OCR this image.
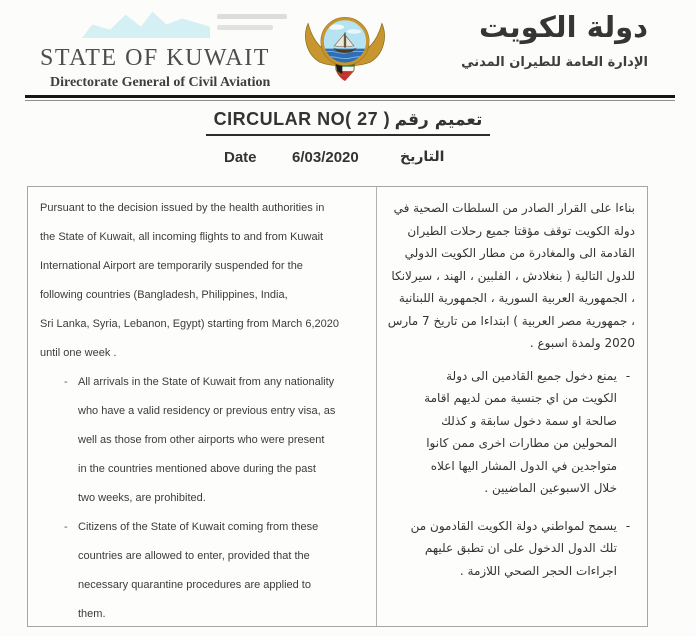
STATE OF KUWAIT
Directorate General of Civil Aviation
دولة الكويت
الإدارة العامة للطيران المدني
CIRCULAR NO( 27 ) تعميم رقم
Date 6/03/2020	التاريخ

Pursuant to the decision issued by the health authorities in
the State of Kuwait, all incoming flights to and from Kuwait
International Airport are temporarily suspended for the
following countries (Bangladesh, Philippines, India,
Sri Lanka, Syria, Lebanon, Egypt) starting from March 6,2020
until one week .

- All arrivals in the State of Kuwait from any nationality
who have a valid residency or previous entry visa, as
well as those from other airports who were present
in the countries mentioned above during the past
two weeks, are prohibited.
- Citizens of the State of Kuwait coming from these
countries are allowed to enter, provided that the
necessary quarantine procedures are applied to
them.

بناءا على القرار الصادر من السلطات الصحية في
دولة الكويت توقف مؤقتا جميع رحلات الطيران
القادمة الى والمغادرة من مطار الكويت الدولي
للدول التالية ( بنغلادش ، الفلبين ، الهند ، سيرلانكا
، الجمهورية العربية السورية ، الجمهورية اللبنانية
، جمهورية مصر العربية ) ابتداءا من تاريخ 7 مارس
2020 ولمدة اسبوع .

-
يمنع دخول جميع القادمين الى دولة
الكويت من اي جنسية ممن لديهم اقامة
صالحة او سمة دخول سابقة و كذلك
المحولين من مطارات اخرى ممن كانوا
متواجدين في الدول المشار اليها اعلاه
خلال الاسبوعين الماضيين .
-
يسمح لمواطني دولة الكويت القادمون من
تلك الدول الدخول على ان تطبق عليهم
اجراءات الحجر الصحي اللازمة .
